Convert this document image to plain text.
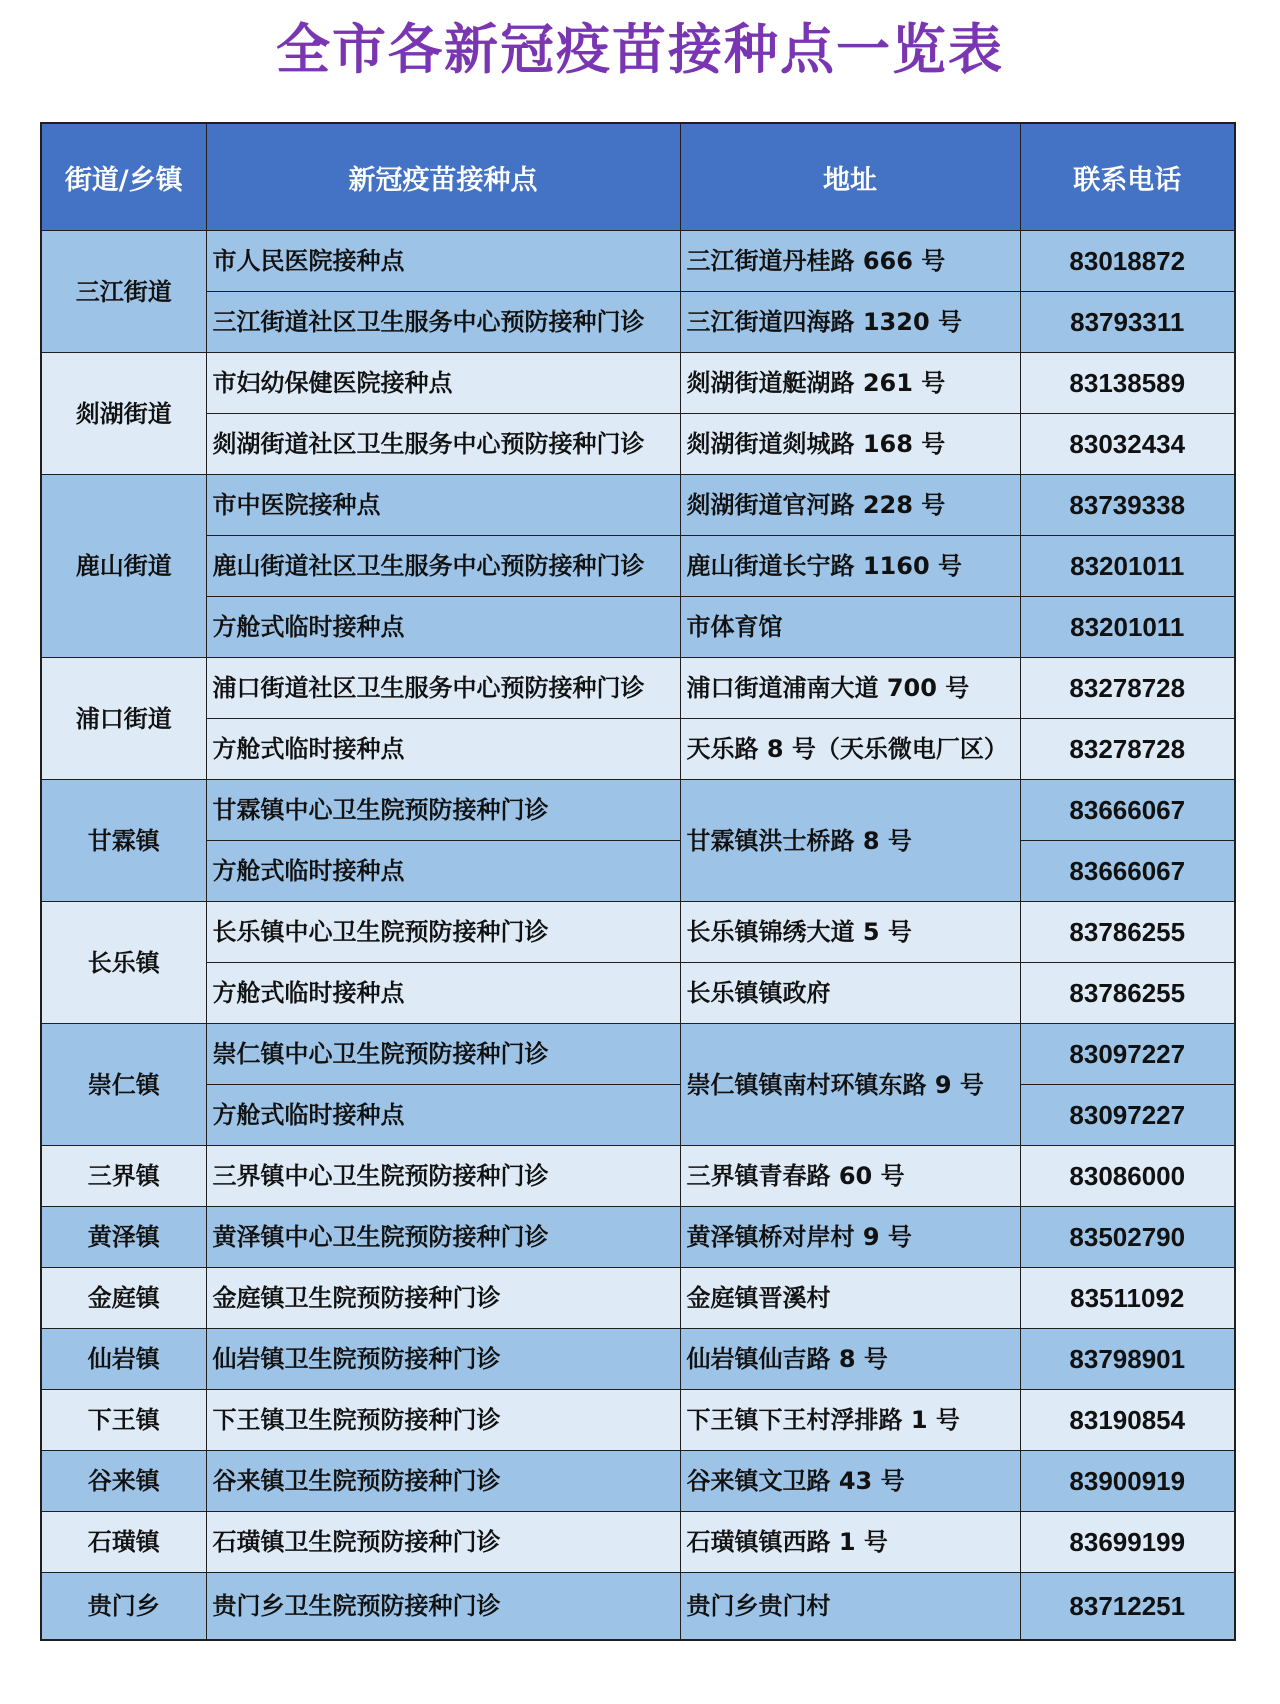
全市各新冠疫苗接种点一览表
街道/乡镇	新冠疫苗接种点	地址	联系电话
三江街道	市人民医院接种点	三江街道丹桂路 666 号	83018872
	三江街道社区卫生服务中心预防接种门诊	三江街道四海路 1320 号	83793311
剡湖街道	市妇幼保健医院接种点	剡湖街道艇湖路 261 号	83138589
	剡湖街道社区卫生服务中心预防接种门诊	剡湖街道剡城路 168 号	83032434
鹿山街道	市中医院接种点	剡湖街道官河路 228 号	83739338
	鹿山街道社区卫生服务中心预防接种门诊	鹿山街道长宁路 1160 号	83201011
	方舱式临时接种点	市体育馆	83201011
浦口街道	浦口街道社区卫生服务中心预防接种门诊	浦口街道浦南大道 700 号	83278728
	方舱式临时接种点	天乐路 8 号（天乐微电厂区）	83278728
甘霖镇	甘霖镇中心卫生院预防接种门诊	甘霖镇洪士桥路 8 号	83666067
	方舱式临时接种点		83666067
长乐镇	长乐镇中心卫生院预防接种门诊	长乐镇锦绣大道 5 号	83786255
	方舱式临时接种点	长乐镇镇政府	83786255
崇仁镇	崇仁镇中心卫生院预防接种门诊	崇仁镇镇南村环镇东路 9 号	83097227
	方舱式临时接种点		83097227
三界镇	三界镇中心卫生院预防接种门诊	三界镇青春路 60 号	83086000
黄泽镇	黄泽镇中心卫生院预防接种门诊	黄泽镇桥对岸村 9 号	83502790
金庭镇	金庭镇卫生院预防接种门诊	金庭镇晋溪村	83511092
仙岩镇	仙岩镇卫生院预防接种门诊	仙岩镇仙吉路 8 号	83798901
下王镇	下王镇卫生院预防接种门诊	下王镇下王村浮排路 1 号	83190854
谷来镇	谷来镇卫生院预防接种门诊	谷来镇文卫路 43 号	83900919
石璜镇	石璜镇卫生院预防接种门诊	石璜镇镇西路 1 号	83699199
贵门乡	贵门乡卫生院预防接种门诊	贵门乡贵门村	83712251
